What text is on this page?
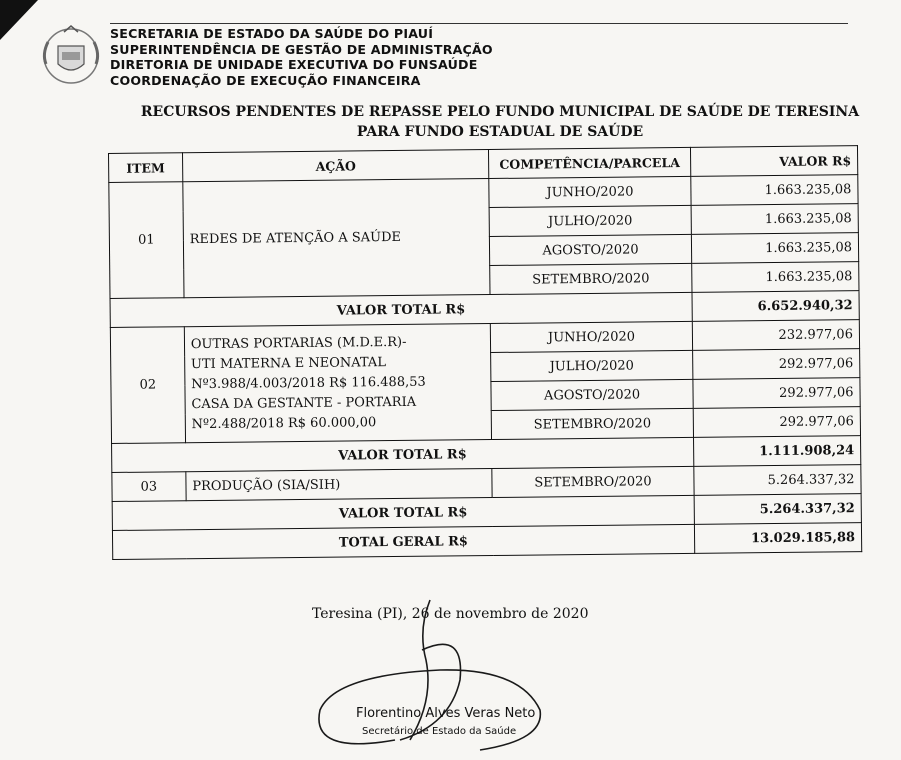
SECRETARIA DE ESTADO DA SAÚDE DO PIAUÍ
SUPERINTENDÊNCIA DE GESTÃO DE ADMINISTRAÇÃO
DIRETORIA DE UNIDADE EXECUTIVA DO FUNSAÚDE
COORDENAÇÃO DE EXECUÇÃO FINANCEIRA
RECURSOS PENDENTES DE REPASSE PELO FUNDO MUNICIPAL DE SAÚDE DE TERESINA
PARA FUNDO ESTADUAL DE SAÚDE
ITEM	AÇÃO	COMPETÊNCIA/PARCELA	VALOR R$
01	REDES DE ATENÇÃO A SAÚDE	JUNHO/2020	1.663.235,08
		JULHO/2020	1.663.235,08
		AGOSTO/2020	1.663.235,08
		SETEMBRO/2020	1.663.235,08
VALOR TOTAL R$			6.652.940,32
02	OUTRAS PORTARIAS (M.D.E.R)-
UTI MATERNA E NEONATAL
Nº3.988/4.003/2018 R$ 116.488,53
CASA DA GESTANTE - PORTARIA
Nº2.488/2018 R$ 60.000,00	JUNHO/2020	232.977,06
		JULHO/2020	292.977,06
		AGOSTO/2020	292.977,06
		SETEMBRO/2020	292.977,06
VALOR TOTAL R$			1.111.908,24
03	PRODUÇÃO (SIA/SIH)	SETEMBRO/2020	5.264.337,32
VALOR TOTAL R$			5.264.337,32
TOTAL GERAL R$			13.029.185,88
Teresina (PI), 26 de novembro de 2020
Florentino Alves Veras Neto
Secretário de Estado da Saúde
